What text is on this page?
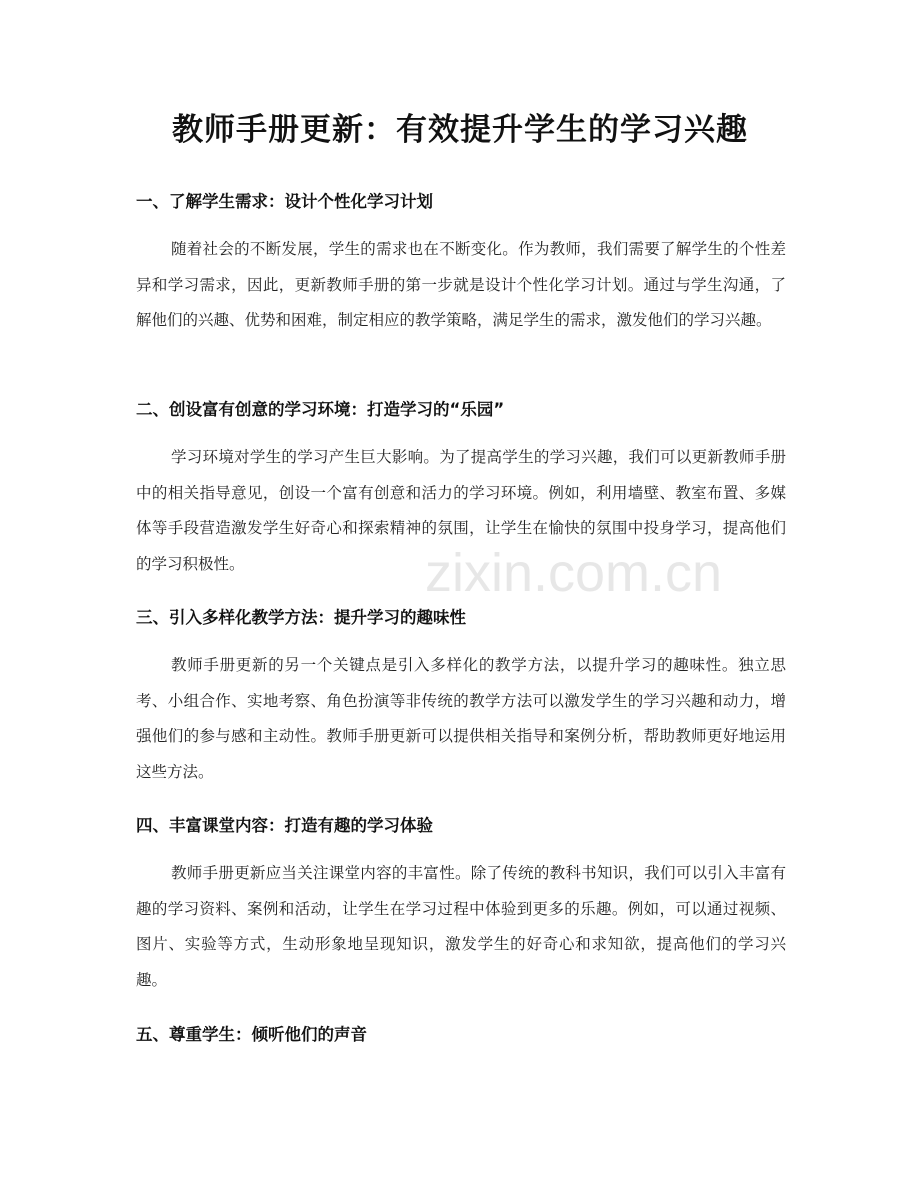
教师手册更新：有效提升学生的学习兴趣
一、了解学生需求：设计个性化学习计划

随着社会的不断发展，学生的需求也在不断变化。作为教师，我们需要了解学生的个性差异和学习需求，因此，更新教师手册的第一步就是设计个性化学习计划。通过与学生沟通，了解他们的兴趣、优势和困难，制定相应的教学策略，满足学生的需求，激发他们的学习兴趣。

二、创设富有创意的学习环境：打造学习的“乐园”

学习环境对学生的学习产生巨大影响。为了提高学生的学习兴趣，我们可以更新教师手册中的相关指导意见，创设一个富有创意和活力的学习环境。例如，利用墙壁、教室布置、多媒体等手段营造激发学生好奇心和探索精神的氛围，让学生在愉快的氛围中投身学习，提高他们的学习积极性。

三、引入多样化教学方法：提升学习的趣味性

教师手册更新的另一个关键点是引入多样化的教学方法，以提升学习的趣味性。独立思考、小组合作、实地考察、角色扮演等非传统的教学方法可以激发学生的学习兴趣和动力，增强他们的参与感和主动性。教师手册更新可以提供相关指导和案例分析，帮助教师更好地运用这些方法。

四、丰富课堂内容：打造有趣的学习体验

教师手册更新应当关注课堂内容的丰富性。除了传统的教科书知识，我们可以引入丰富有趣的学习资料、案例和活动，让学生在学习过程中体验到更多的乐趣。例如，可以通过视频、图片、实验等方式，生动形象地呈现知识，激发学生的好奇心和求知欲，提高他们的学习兴趣。

五、尊重学生：倾听他们的声音
zixin.com.cn
